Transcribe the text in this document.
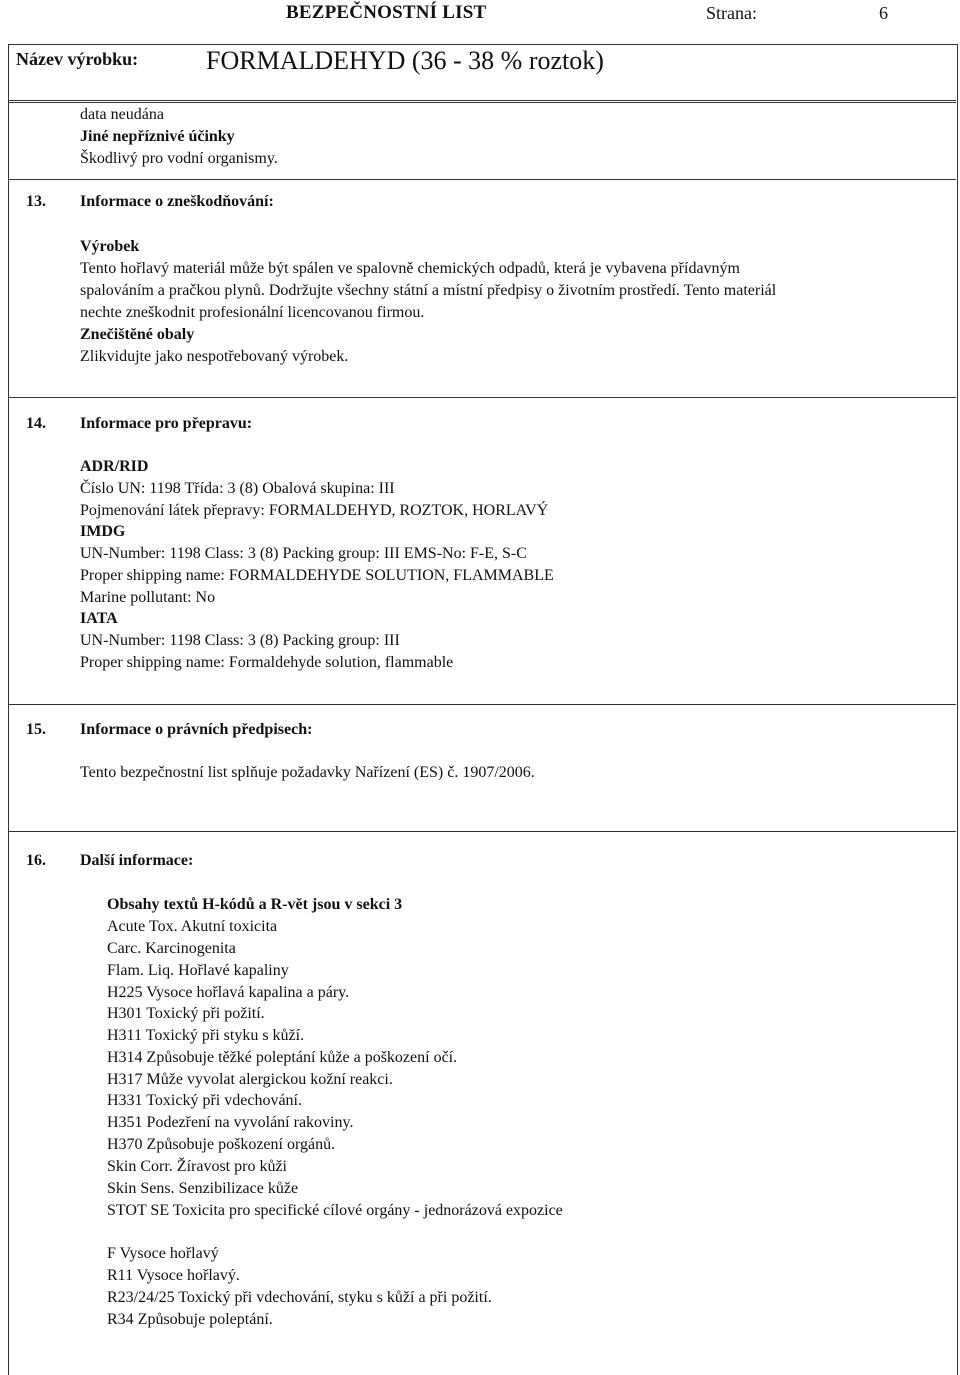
BEZPEČNOSTNÍ LIST	Strana:	6
Název výrobku:	FORMALDEHYD (36 - 38 % roztok)
data neudána
Jiné nepříznivé účinky
Škodlivý pro vodní organismy.
13. Informace o zneškodňování:
Výrobek
Tento hořlavý materiál může být spálen ve spalovně chemických odpadů, která je vybavena přídavným
spalováním a pračkou plynů. Dodržujte všechny státní a místní předpisy o životním prostředí. Tento materiál
nechte zneškodnit profesionální licencovanou firmou.
Znečištěné obaly
Zlikvidujte jako nespotřebovaný výrobek.
14. Informace pro přepravu:
ADR/RID
Číslo UN: 1198 Třída: 3 (8) Obalová skupina: III
Pojmenování látek přepravy: FORMALDEHYD, ROZTOK, HORLAVÝ
IMDG
UN-Number: 1198 Class: 3 (8) Packing group: III EMS-No: F-E, S-C
Proper shipping name: FORMALDEHYDE SOLUTION, FLAMMABLE
Marine pollutant: No
IATA
UN-Number: 1198 Class: 3 (8) Packing group: III
Proper shipping name: Formaldehyde solution, flammable
15. Informace o právních předpisech:
Tento bezpečnostní list splňuje požadavky Nařízení (ES) č. 1907/2006.
16. Další informace:
Obsahy textů H-kódů a R-vět jsou v sekci 3
Acute Tox. Akutní toxicita
Carc. Karcinogenita
Flam. Liq. Hořlavé kapaliny
H225 Vysoce hořlavá kapalina a páry.
H301 Toxický při požití.
H311 Toxický při styku s kůží.
H314 Způsobuje těžké poleptání kůže a poškození očí.
H317 Může vyvolat alergickou kožní reakci.
H331 Toxický při vdechování.
H351 Podezření na vyvolání rakoviny.
H370 Způsobuje poškození orgánů.
Skin Corr. Žíravost pro kůži
Skin Sens. Senzibilizace kůže
STOT SE Toxicita pro specifické cílové orgány - jednorázová expozice
F Vysoce hořlavý
R11 Vysoce hořlavý.
R23/24/25 Toxický při vdechování, styku s kůží a při požití.
R34 Způsobuje poleptání.
